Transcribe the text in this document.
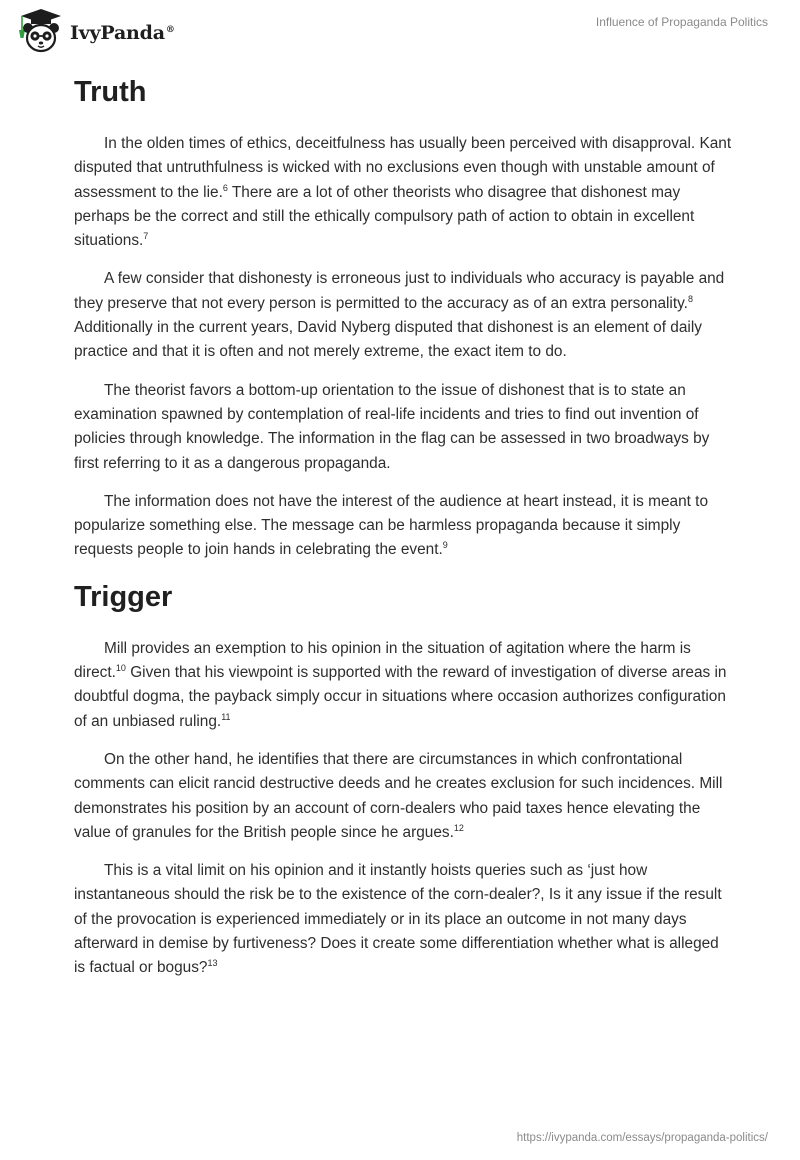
IvyPanda®
Influence of Propaganda Politics
Truth

In the olden times of ethics, deceitfulness has usually been perceived with disapproval. Kant disputed that untruthfulness is wicked with no exclusions even though with unstable amount of assessment to the lie.$^6$ There are a lot of other theorists who disagree that dishonest may perhaps be the correct and still the ethically compulsory path of action to obtain in excellent situations.$^7$

A few consider that dishonesty is erroneous just to individuals who accuracy is payable and they preserve that not every person is permitted to the accuracy as of an extra personality.$^8$ Additionally in the current years, David Nyberg disputed that dishonest is an element of daily practice and that it is often and not merely extreme, the exact item to do.

The theorist favors a bottom-up orientation to the issue of dishonest that is to state an examination spawned by contemplation of real-life incidents and tries to find out invention of policies through knowledge. The information in the flag can be assessed in two broadways by first referring to it as a dangerous propaganda.

The information does not have the interest of the audience at heart instead, it is meant to popularize something else. The message can be harmless propaganda because it simply requests people to join hands in celebrating the event.$^9$

Trigger

Mill provides an exemption to his opinion in the situation of agitation where the harm is direct.$^{10}$ Given that his viewpoint is supported with the reward of investigation of diverse areas in doubtful dogma, the payback simply occur in situations where occasion authorizes configuration of an unbiased ruling.$^{11}$

On the other hand, he identifies that there are circumstances in which confrontational comments can elicit rancid destructive deeds and he creates exclusion for such incidences. Mill demonstrates his position by an account of corn-dealers who paid taxes hence elevating the value of granules for the British people since he argues.$^{12}$

This is a vital limit on his opinion and it instantly hoists queries such as ‘just how instantaneous should the risk be to the existence of the corn-dealer?, Is it any issue if the result of the provocation is experienced immediately or in its place an outcome in not many days afterward in demise by furtiveness? Does it create some differentiation whether what is alleged is factual or bogus?$^{13}$

https://ivypanda.com/essays/propaganda-politics/
